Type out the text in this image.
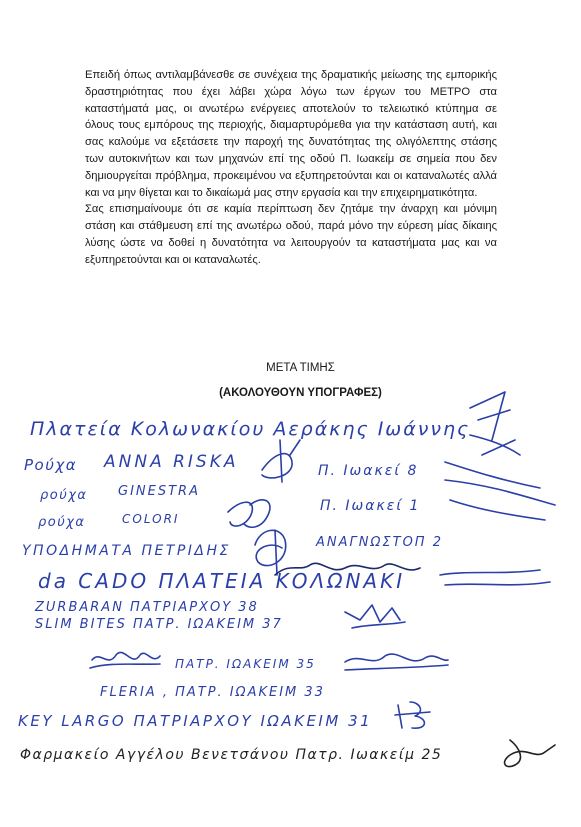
Επειδή όπως αντιλαμβάνεσθε σε συνέχεια της δραματικής μείωσης της εμπορικής δραστηριότητας που έχει λάβει χώρα λόγω των έργων του ΜΕΤΡΟ στα καταστήματά μας, οι ανωτέρω ενέργειες αποτελούν το τελειωτικό κτύπημα σε όλους τους εμπόρους της περιοχής, διαμαρτυρόμεθα για την κατάσταση αυτή, και σας καλούμε να εξετάσετε την παροχή της δυνατότητας της ολιγόλεπτης στάσης των αυτοκινήτων και των μηχανών επί της οδού Π. Ιωακείμ σε σημεία που δεν δημιουργείται πρόβλημα, προκειμένου να εξυπηρετούνται και οι καταναλωτές αλλά και να μην θίγεται και το δικαίωμά μας στην εργασία και την επιχειρηματικότητα.

Σας επισημαίνουμε ότι σε καμία περίπτωση δεν ζητάμε την άναρχη και μόνιμη στάση και στάθμευση επί της ανωτέρω οδού, παρά μόνο την εύρεση μίας δίκαιης λύσης ώστε να δοθεί η δυνατότητα να λειτουργούν τα καταστήματα μας και να εξυπηρετούνται και οι καταναλωτές.

ΜΕΤΑ ΤΙΜΗΣ
(ΑΚΟΛΟΥΘΟΥΝ ΥΠΟΓΡΑΦΕΣ)
Πλατεία Κολωνακίου Αεράκης Ιωάννης
Ρούχα ANNA RISKA	Π. Ιωακεί 8
ρούχα GINESTRA
ρούχα	COLORI
Π. Ιωακεί 1
ΥΠΟΔΗΜΑΤΑ ΠΕΤΡΙΔΗΣ
ΑΝΑΓΝΩΣΤΟΠ 2
da CADO ΠΛΑΤΕΙΑ ΚΟΛΩΝΑΚΙ
ZURBARAN ΠΑΤΡΙΑΡΧΟΥ 38
SLIM BITES ΠΑΤΡ. ΙΩΑΚΕΙΜ 37
ΠΑΤΡ. ΙΩΑΚΕΙΜ 35
FLERIA , ΠΑΤΡ. ΙΩΑΚΕΙΜ 33
KEY LARGO ΠΑΤΡΙΑΡΧΟΥ ΙΩΑΚΕΙΜ 31
Φαρμακείο Αγγέλου Βενετσάνου Πατρ. Ιωακείμ 25
